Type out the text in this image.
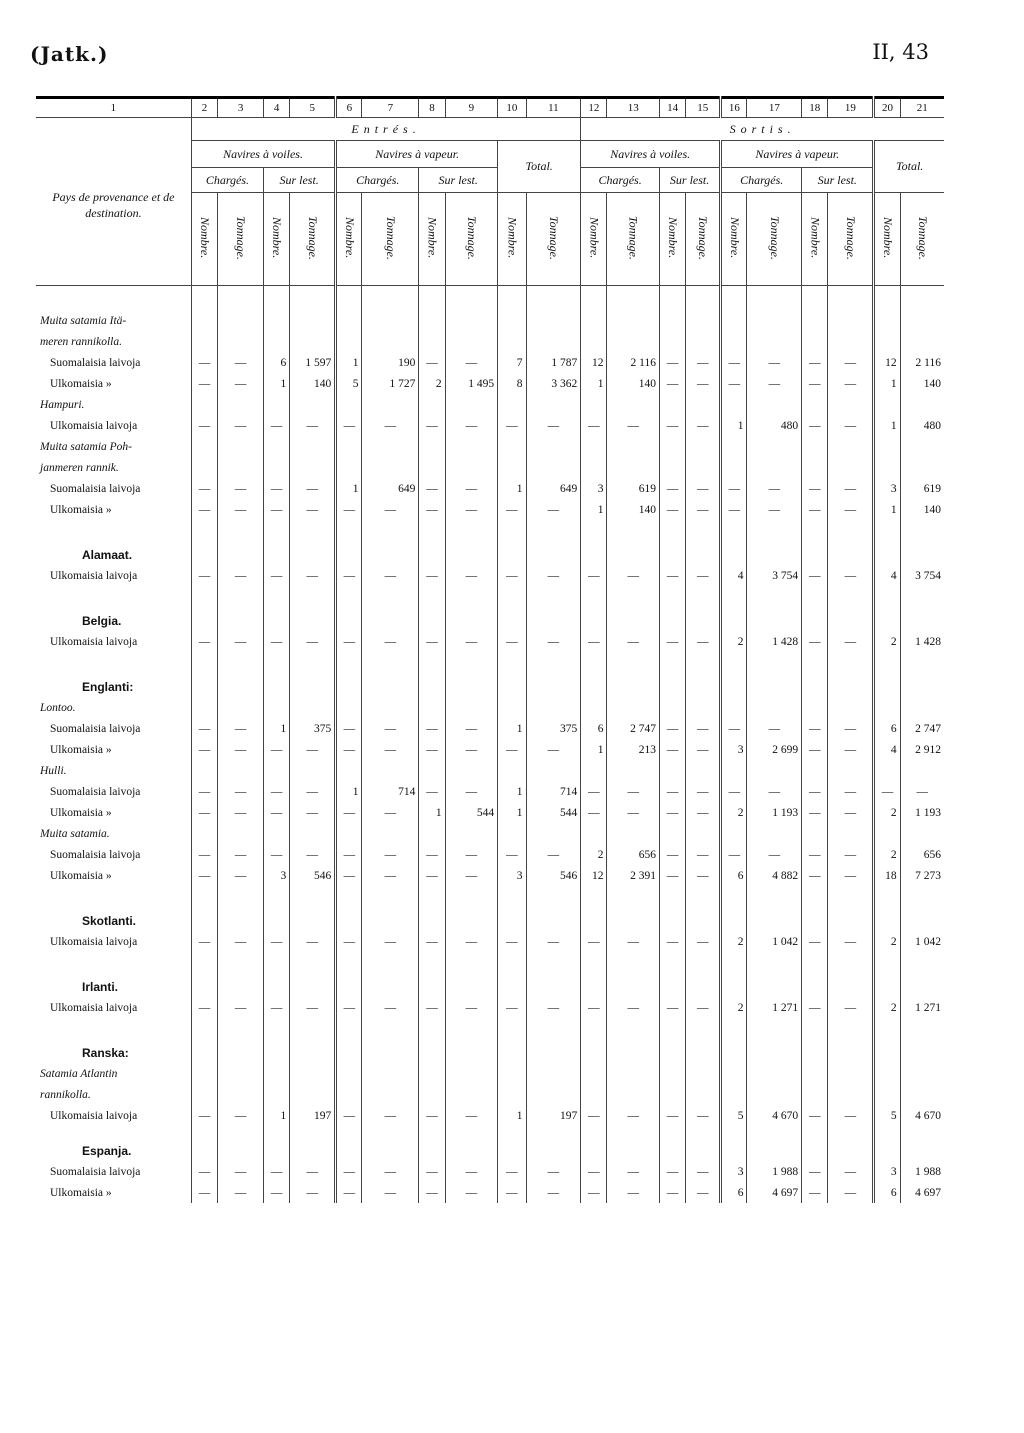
(Jatk.)	II, 43
1	2	3	4	5	6	7	8	9	10	11	12	13	14	15	16	17	18	19	20	21
Pays de provenance et de destination.	Entrés.										Sortis.									
	Navires à voiles.				Navires à vapeur.				Total.		Navires à voiles.				Navires à vapeur.				Total.	
	Chargés.		Sur lest.		Chargés.		Sur lest.				Chargés.		Sur lest.		Chargés.		Sur lest.			
	Nombre.	Tonnage.	Nombre.	Tonnage.	Nombre.	Tonnage.	Nombre.	Tonnage.	Nombre.	Tonnage.	Nombre.	Tonnage.	Nombre.	Tonnage.	Nombre.	Tonnage.	Nombre.	Tonnage.	Nombre.	Tonnage.

Muita satamia Itä-																				
meren rannikolla.																				
Suomalaisia laivoja	—	—	6	1 597	1	190	—	—	7	1 787	12	2 116	—	—	—	—	—	—	12	2 116
Ulkomaisia »	—	—	1	140	5	1 727	2	1 495	8	3 362	1	140	—	—	—	—	—	—	1	140
Hampuri.																				
Ulkomaisia laivoja	—	—	—	—	—	—	—	—	—	—	—	—	—	—	1	480	—	—	1	480
Muita satamia Poh-																				
janmeren rannik.																				
Suomalaisia laivoja	—	—	—	—	1	649	—	—	1	649	3	619	—	—	—	—	—	—	3	619
Ulkomaisia »	—	—	—	—	—	—	—	—	—	—	1	140	—	—	—	—	—	—	1	140

Alamaat.																				
Ulkomaisia laivoja	—	—	—	—	—	—	—	—	—	—	—	—	—	—	4	3 754	—	—	4	3 754

Belgia.																				
Ulkomaisia laivoja	—	—	—	—	—	—	—	—	—	—	—	—	—	—	2	1 428	—	—	2	1 428

Englanti:																				
Lontoo.																				
Suomalaisia laivoja	—	—	1	375	—	—	—	—	1	375	6	2 747	—	—	—	—	—	—	6	2 747
Ulkomaisia »	—	—	—	—	—	—	—	—	—	—	1	213	—	—	3	2 699	—	—	4	2 912
Hulli.																				
Suomalaisia laivoja	—	—	—	—	1	714	—	—	1	714	—	—	—	—	—	—	—	—	—	—
Ulkomaisia »	—	—	—	—	—	—	1	544	1	544	—	—	—	—	2	1 193	—	—	2	1 193
Muita satamia.																				
Suomalaisia laivoja	—	—	—	—	—	—	—	—	—	—	2	656	—	—	—	—	—	—	2	656
Ulkomaisia »	—	—	3	546	—	—	—	—	3	546	12	2 391	—	—	6	4 882	—	—	18	7 273

Skotlanti.																				
Ulkomaisia laivoja	—	—	—	—	—	—	—	—	—	—	—	—	—	—	2	1 042	—	—	2	1 042

Irlanti.																				
Ulkomaisia laivoja	—	—	—	—	—	—	—	—	—	—	—	—	—	—	2	1 271	—	—	2	1 271

Ranska:																				
Satamia Atlantin																				
rannikolla.																				
Ulkomaisia laivoja	—	—	1	197	—	—	—	—	1	197	—	—	—	—	5	4 670	—	—	5	4 670

Espanja.																				
Suomalaisia laivoja	—	—	—	—	—	—	—	—	—	—	—	—	—	—	3	1 988	—	—	3	1 988
Ulkomaisia »	—	—	—	—	—	—	—	—	—	—	—	—	—	—	6	4 697	—	—	6	4 697
